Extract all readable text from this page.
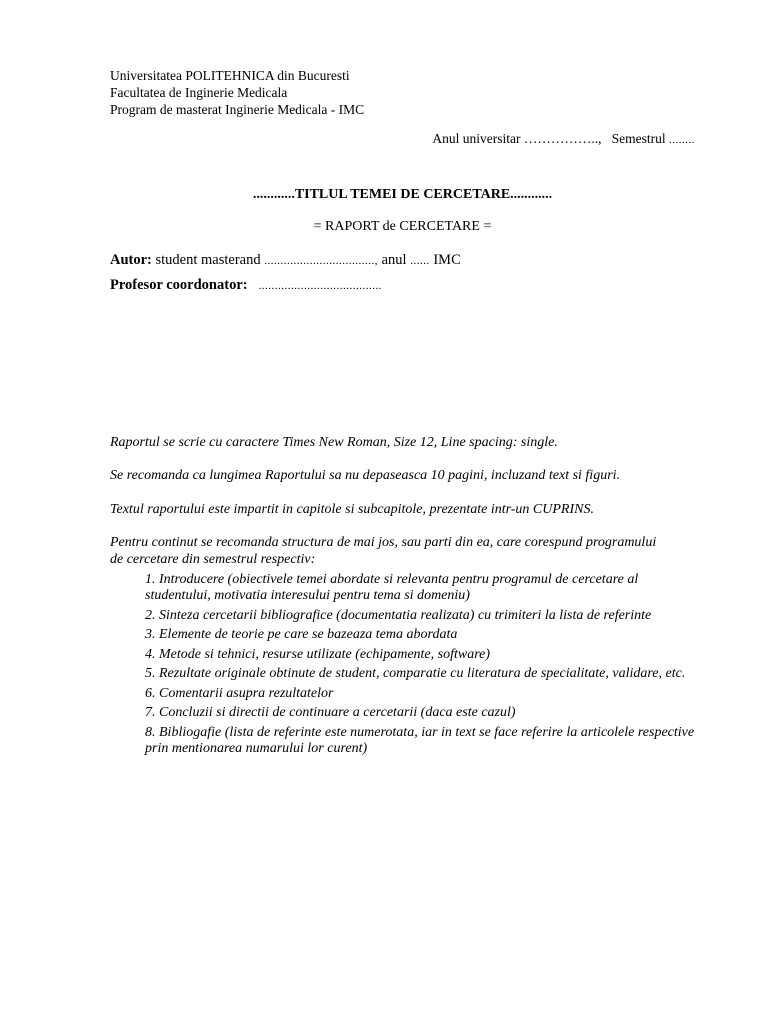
Universitatea POLITEHNICA din Bucuresti
Facultatea de Inginerie Medicala
Program de masterat Inginerie Medicala - IMC
Anul universitar …………….., Semestrul ........
............TITLUL TEMEI DE CERCETARE............
= RAPORT de CERCETARE =
Autor: student masterand .................................., anul ...... IMC
Profesor coordonator: ......................................
Raportul se scrie cu caractere Times New Roman, Size 12, Line spacing: single.
Se recomanda ca lungimea Raportului sa nu depaseasca 10 pagini, incluzand text si figuri.
Textul raportului este impartit in capitole si subcapitole, prezentate intr-un CUPRINS.
Pentru continut se recomanda structura de mai jos, sau parti din ea, care corespund programului de cercetare din semestrul respectiv:
1. Introducere (obiectivele temei abordate si relevanta pentru programul de cercetare al studentului, motivatia interesului pentru tema si domeniu)
2. Sinteza cercetarii bibliografice (documentatia realizata) cu trimiteri la lista de referinte
3. Elemente de teorie pe care se bazeaza tema abordata
4. Metode si tehnici, resurse utilizate (echipamente, software)
5. Rezultate originale obtinute de student, comparatie cu literatura de specialitate, validare, etc.
6. Comentarii asupra rezultatelor
7. Concluzii si directii de continuare a cercetarii (daca este cazul)
8. Bibliogafie (lista de referinte este numerotata, iar in text se face referire la articolele respective prin mentionarea numarului lor curent)
